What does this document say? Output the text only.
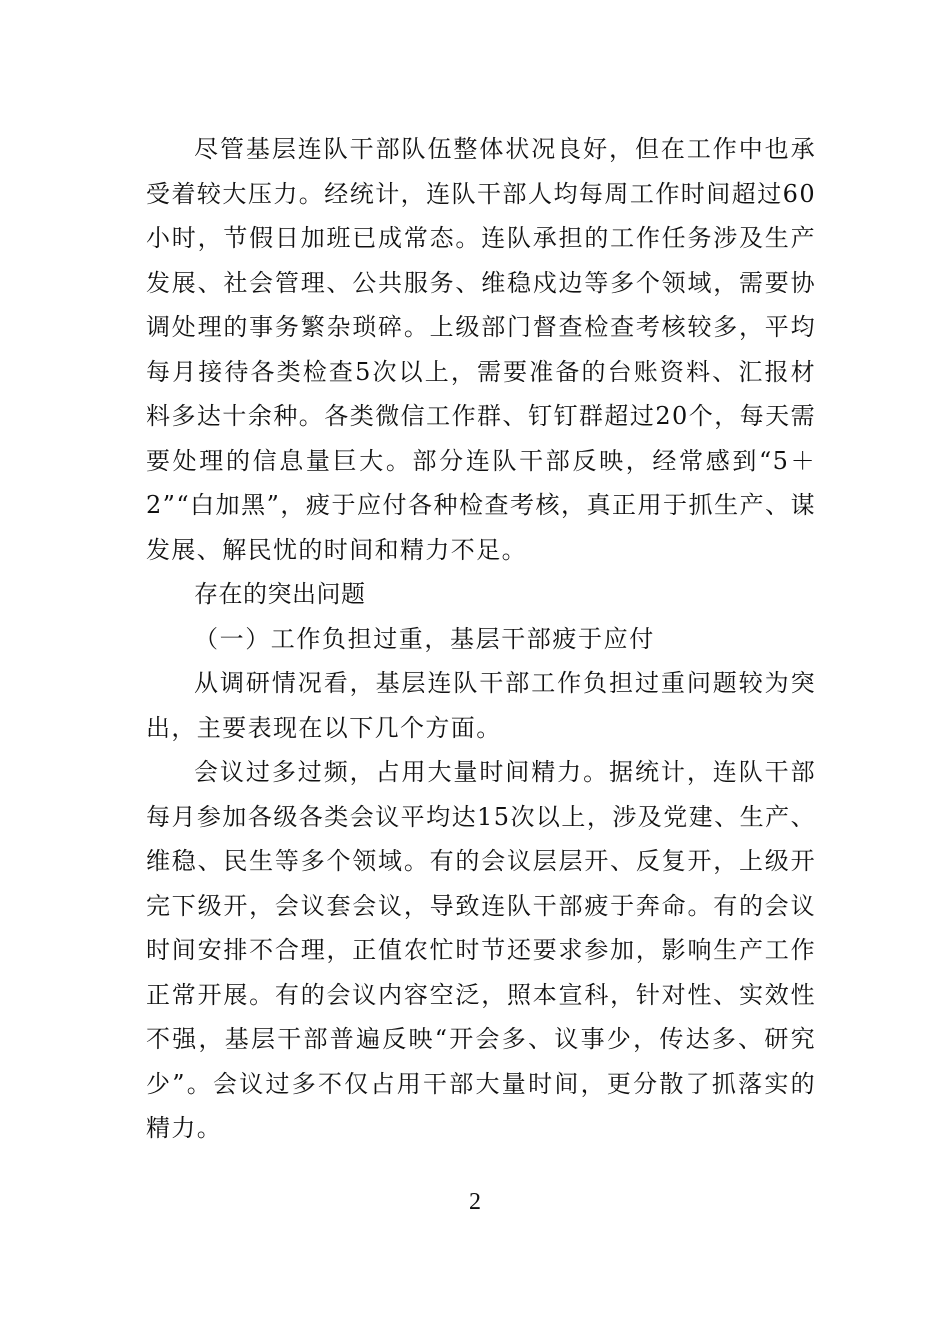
尽管基层连队干部队伍整体状况良好，但在工作中也承受着较大压力。经统计，连队干部人均每周工作时间超过60小时，节假日加班已成常态。连队承担的工作任务涉及生产发展、社会管理、公共服务、维稳戍边等多个领域，需要协调处理的事务繁杂琐碎。上级部门督查检查考核较多，平均每月接待各类检查5次以上，需要准备的台账资料、汇报材料多达十余种。各类微信工作群、钉钉群超过20个，每天需要处理的信息量巨大。部分连队干部反映，经常感到“5＋2”“白加黑”，疲于应付各种检查考核，真正用于抓生产、谋发展、解民忧的时间和精力不足。

存在的突出问题

（一）工作负担过重，基层干部疲于应付

从调研情况看，基层连队干部工作负担过重问题较为突出，主要表现在以下几个方面。

会议过多过频，占用大量时间精力。据统计，连队干部每月参加各级各类会议平均达15次以上，涉及党建、生产、维稳、民生等多个领域。有的会议层层开、反复开，上级开完下级开，会议套会议，导致连队干部疲于奔命。有的会议时间安排不合理，正值农忙时节还要求参加，影响生产工作正常开展。有的会议内容空泛，照本宣科，针对性、实效性不强，基层干部普遍反映“开会多、议事少，传达多、研究少”。会议过多不仅占用干部大量时间，更分散了抓落实的精力。

2
